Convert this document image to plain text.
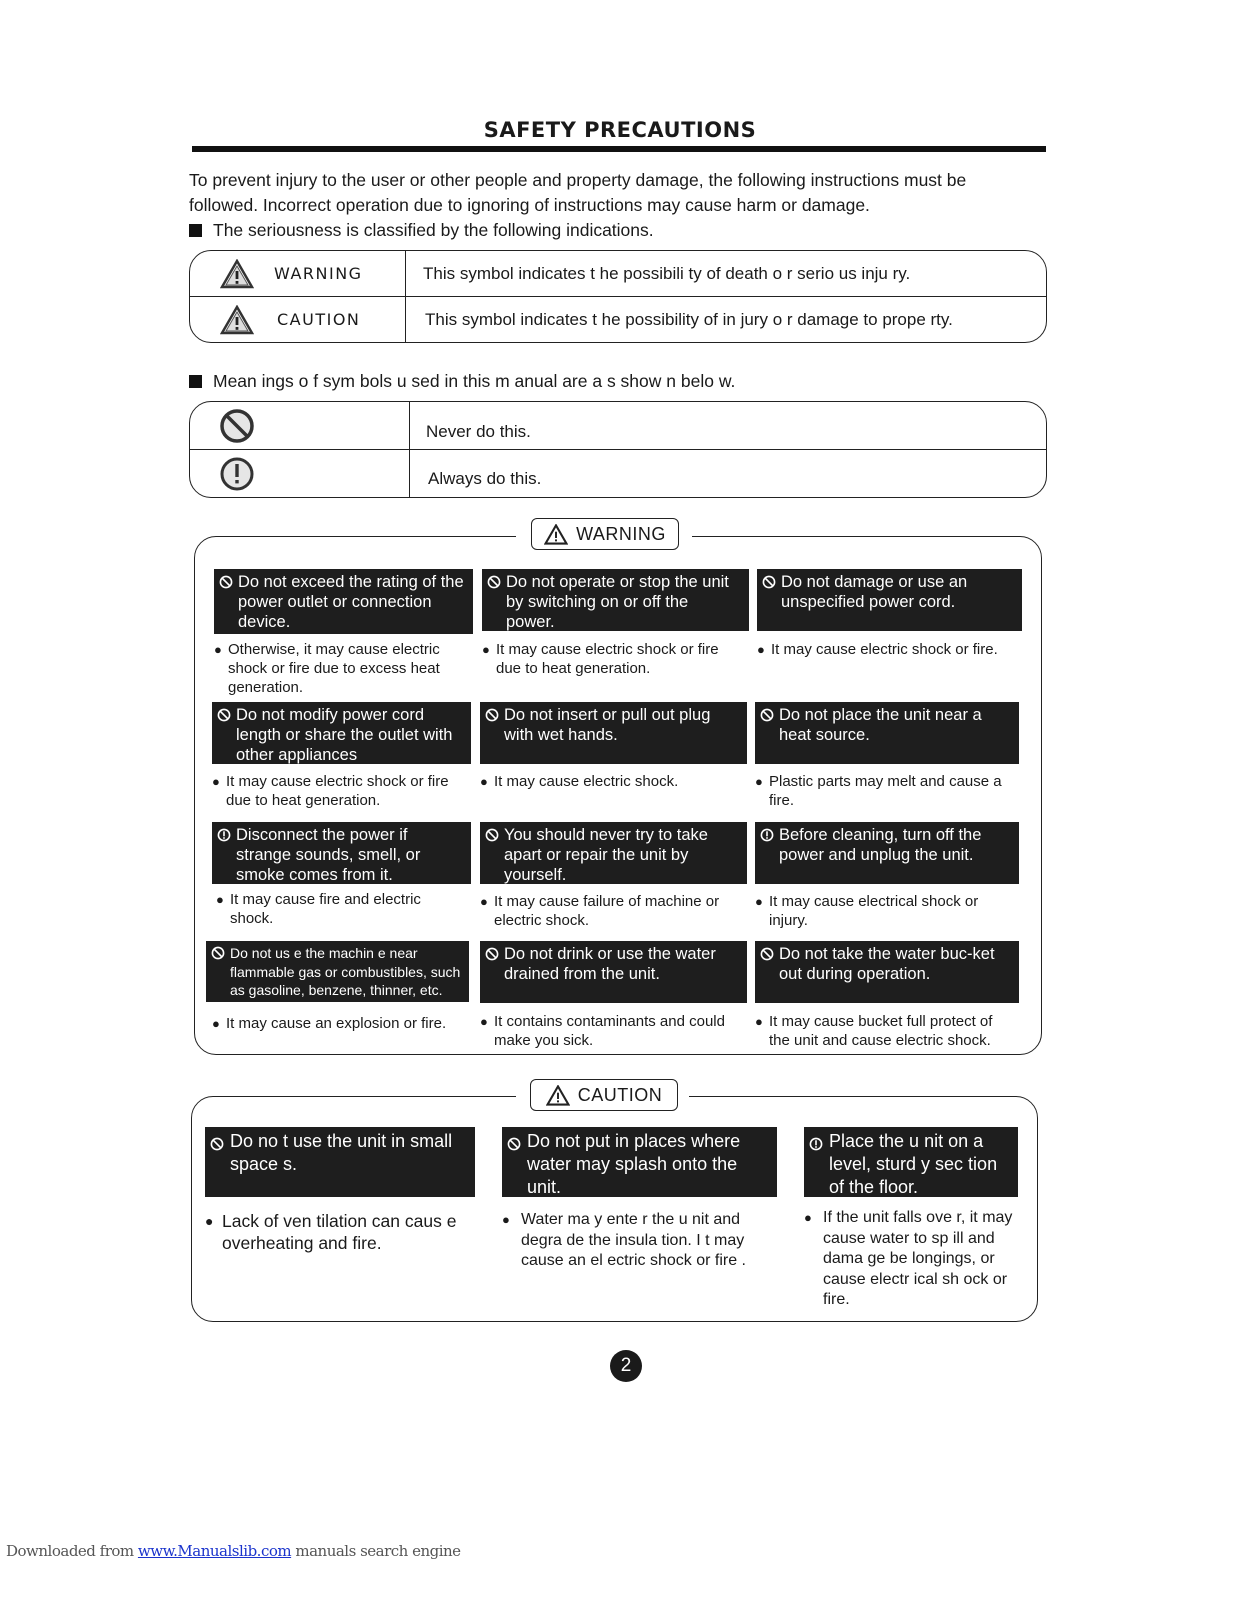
SAFETY PRECAUTIONS
To prevent injury to the user or other people and property damage, the following instructions must be followed. Incorrect operation due to ignoring of instructions may cause harm or damage.
The seriousness is classified by the following indications.
WARNING	This symbol indicates t he possibili ty of death o r serio us inju ry.
CAUTION	This symbol indicates t he possibility of in jury o r damage to prope rty.
Mean ings o f sym bols u sed in this m anual are a s show n belo w.
Never do this.
Always do this.
WARNING
Do not exceed the rating of the power outlet or connection device.
● Otherwise, it may cause electric shock or fire due to excess heat generation.
Do not operate or stop the unit by switching on or off the power.
● It may cause electric shock or fire due to heat generation.
Do not damage or use an unspecified power cord.
● It may cause electric shock or fire.
Do not modify power cord length or share the outlet with other appliances
● It may cause electric shock or fire due to heat generation.
Do not insert or pull out plug with wet hands.
● It may cause electric shock.
Do not place the unit near a heat source.
● Plastic parts may melt and cause a fire.
Disconnect the power if strange sounds, smell, or smoke comes from it.
● It may cause fire and electric shock.
You should never try to take apart or repair the unit by yourself.
● It may cause failure of machine or electric shock.
Before cleaning, turn off the power and unplug the unit.
● It may cause electrical shock or injury.
Do not us e the machin e near flammable gas or combustibles, such as gasoline, benzene, thinner, etc.
● It may cause an explosion or fire.
Do not drink or use the water drained from the unit.
● It contains contaminants and could make you sick.
Do not take the water buc-ket out during operation.
● It may cause bucket full protect of the unit and cause electric shock.
CAUTION
Do no t use the unit in small space s.
● Lack of ven tilation can caus e overheating and fire.
Do not put in places where water may splash onto the unit.
● Water ma y ente r the u nit and degra de the insula tion. I t may cause an el ectric shock or fire .
Place the u nit on a level, sturd y sec tion of the floor.
● If the unit falls ove r, it may cause water to sp ill and dama ge be longings, or cause electr ical sh ock or fire.
2
Downloaded from www.Manualslib.com manuals search engine
